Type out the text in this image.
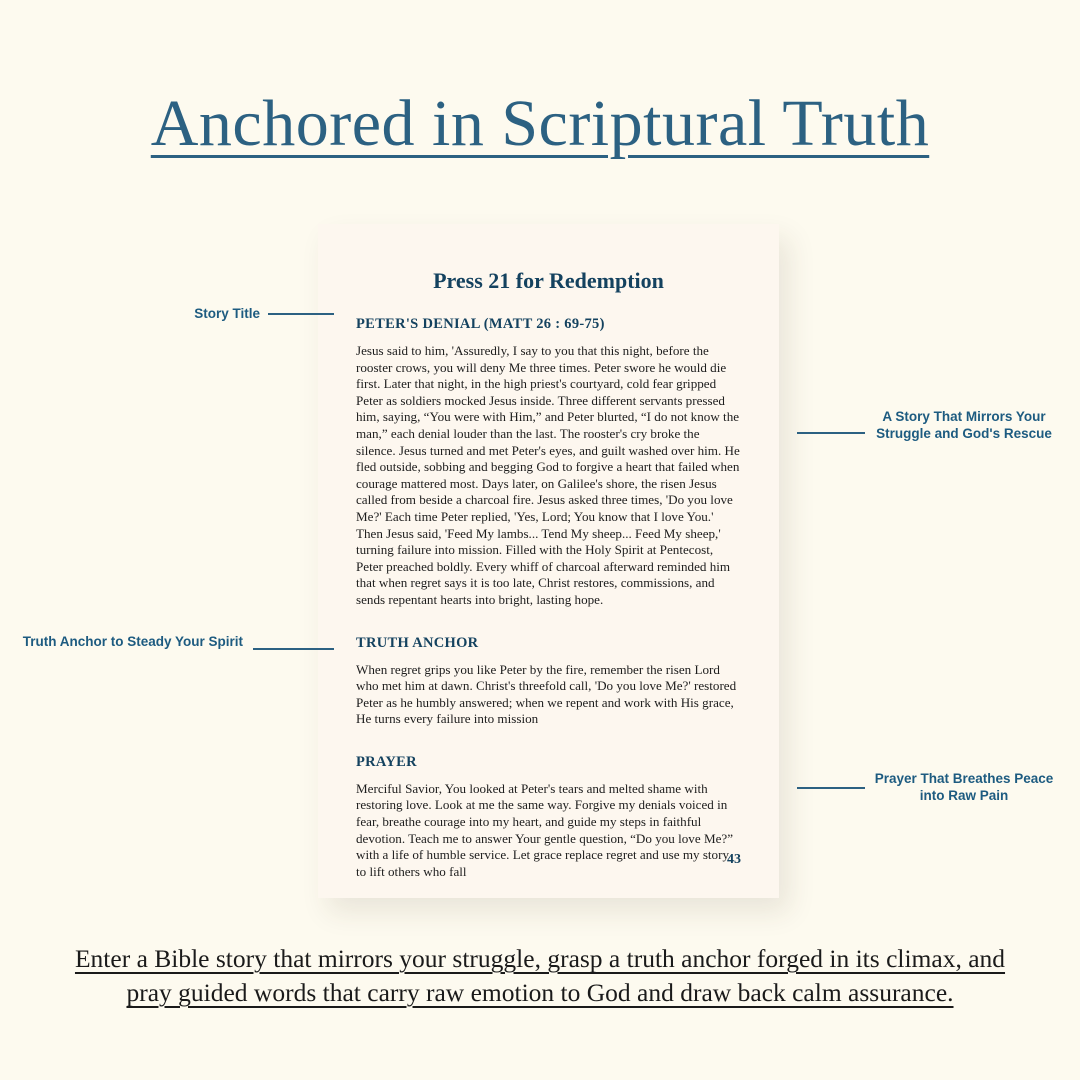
Anchored in Scriptural Truth
Press 21 for Redemption
PETER'S DENIAL (MATT 26 : 69-75)
Jesus said to him, 'Assuredly, I say to you that this night, before the rooster crows, you will deny Me three times. Peter swore he would die first. Later that night, in the high priest's courtyard, cold fear gripped Peter as soldiers mocked Jesus inside. Three different servants pressed him, saying, “You were with Him,” and Peter blurted, “I do not know the man,” each denial louder than the last. The rooster's cry broke the silence. Jesus turned and met Peter's eyes, and guilt washed over him. He fled outside, sobbing and begging God to forgive a heart that failed when courage mattered most. Days later, on Galilee's shore, the risen Jesus called from beside a charcoal fire. Jesus asked three times, 'Do you love Me?' Each time Peter replied, 'Yes, Lord; You know that I love You.' Then Jesus said, 'Feed My lambs... Tend My sheep... Feed My sheep,' turning failure into mission. Filled with the Holy Spirit at Pentecost, Peter preached boldly. Every whiff of charcoal afterward reminded him that when regret says it is too late, Christ restores, commissions, and sends repentant hearts into bright, lasting hope.
TRUTH ANCHOR
When regret grips you like Peter by the fire, remember the risen Lord who met him at dawn. Christ's threefold call, 'Do you love Me?' restored Peter as he humbly answered; when we repent and work with His grace, He turns every failure into mission
PRAYER
Merciful Savior, You looked at Peter's tears and melted shame with restoring love. Look at me the same way. Forgive my denials voiced in fear, breathe courage into my heart, and guide my steps in faithful devotion. Teach me to answer Your gentle question, “Do you love Me?” with a life of humble service. Let grace replace regret and use my story to lift others who fall
43
Story Title
Truth Anchor to Steady Your Spirit
A Story That Mirrors Your Struggle and God's Rescue
Prayer That Breathes Peace into Raw Pain
Enter a Bible story that mirrors your struggle, grasp a truth anchor forged in its climax, and pray guided words that carry raw emotion to God and draw back calm assurance.
